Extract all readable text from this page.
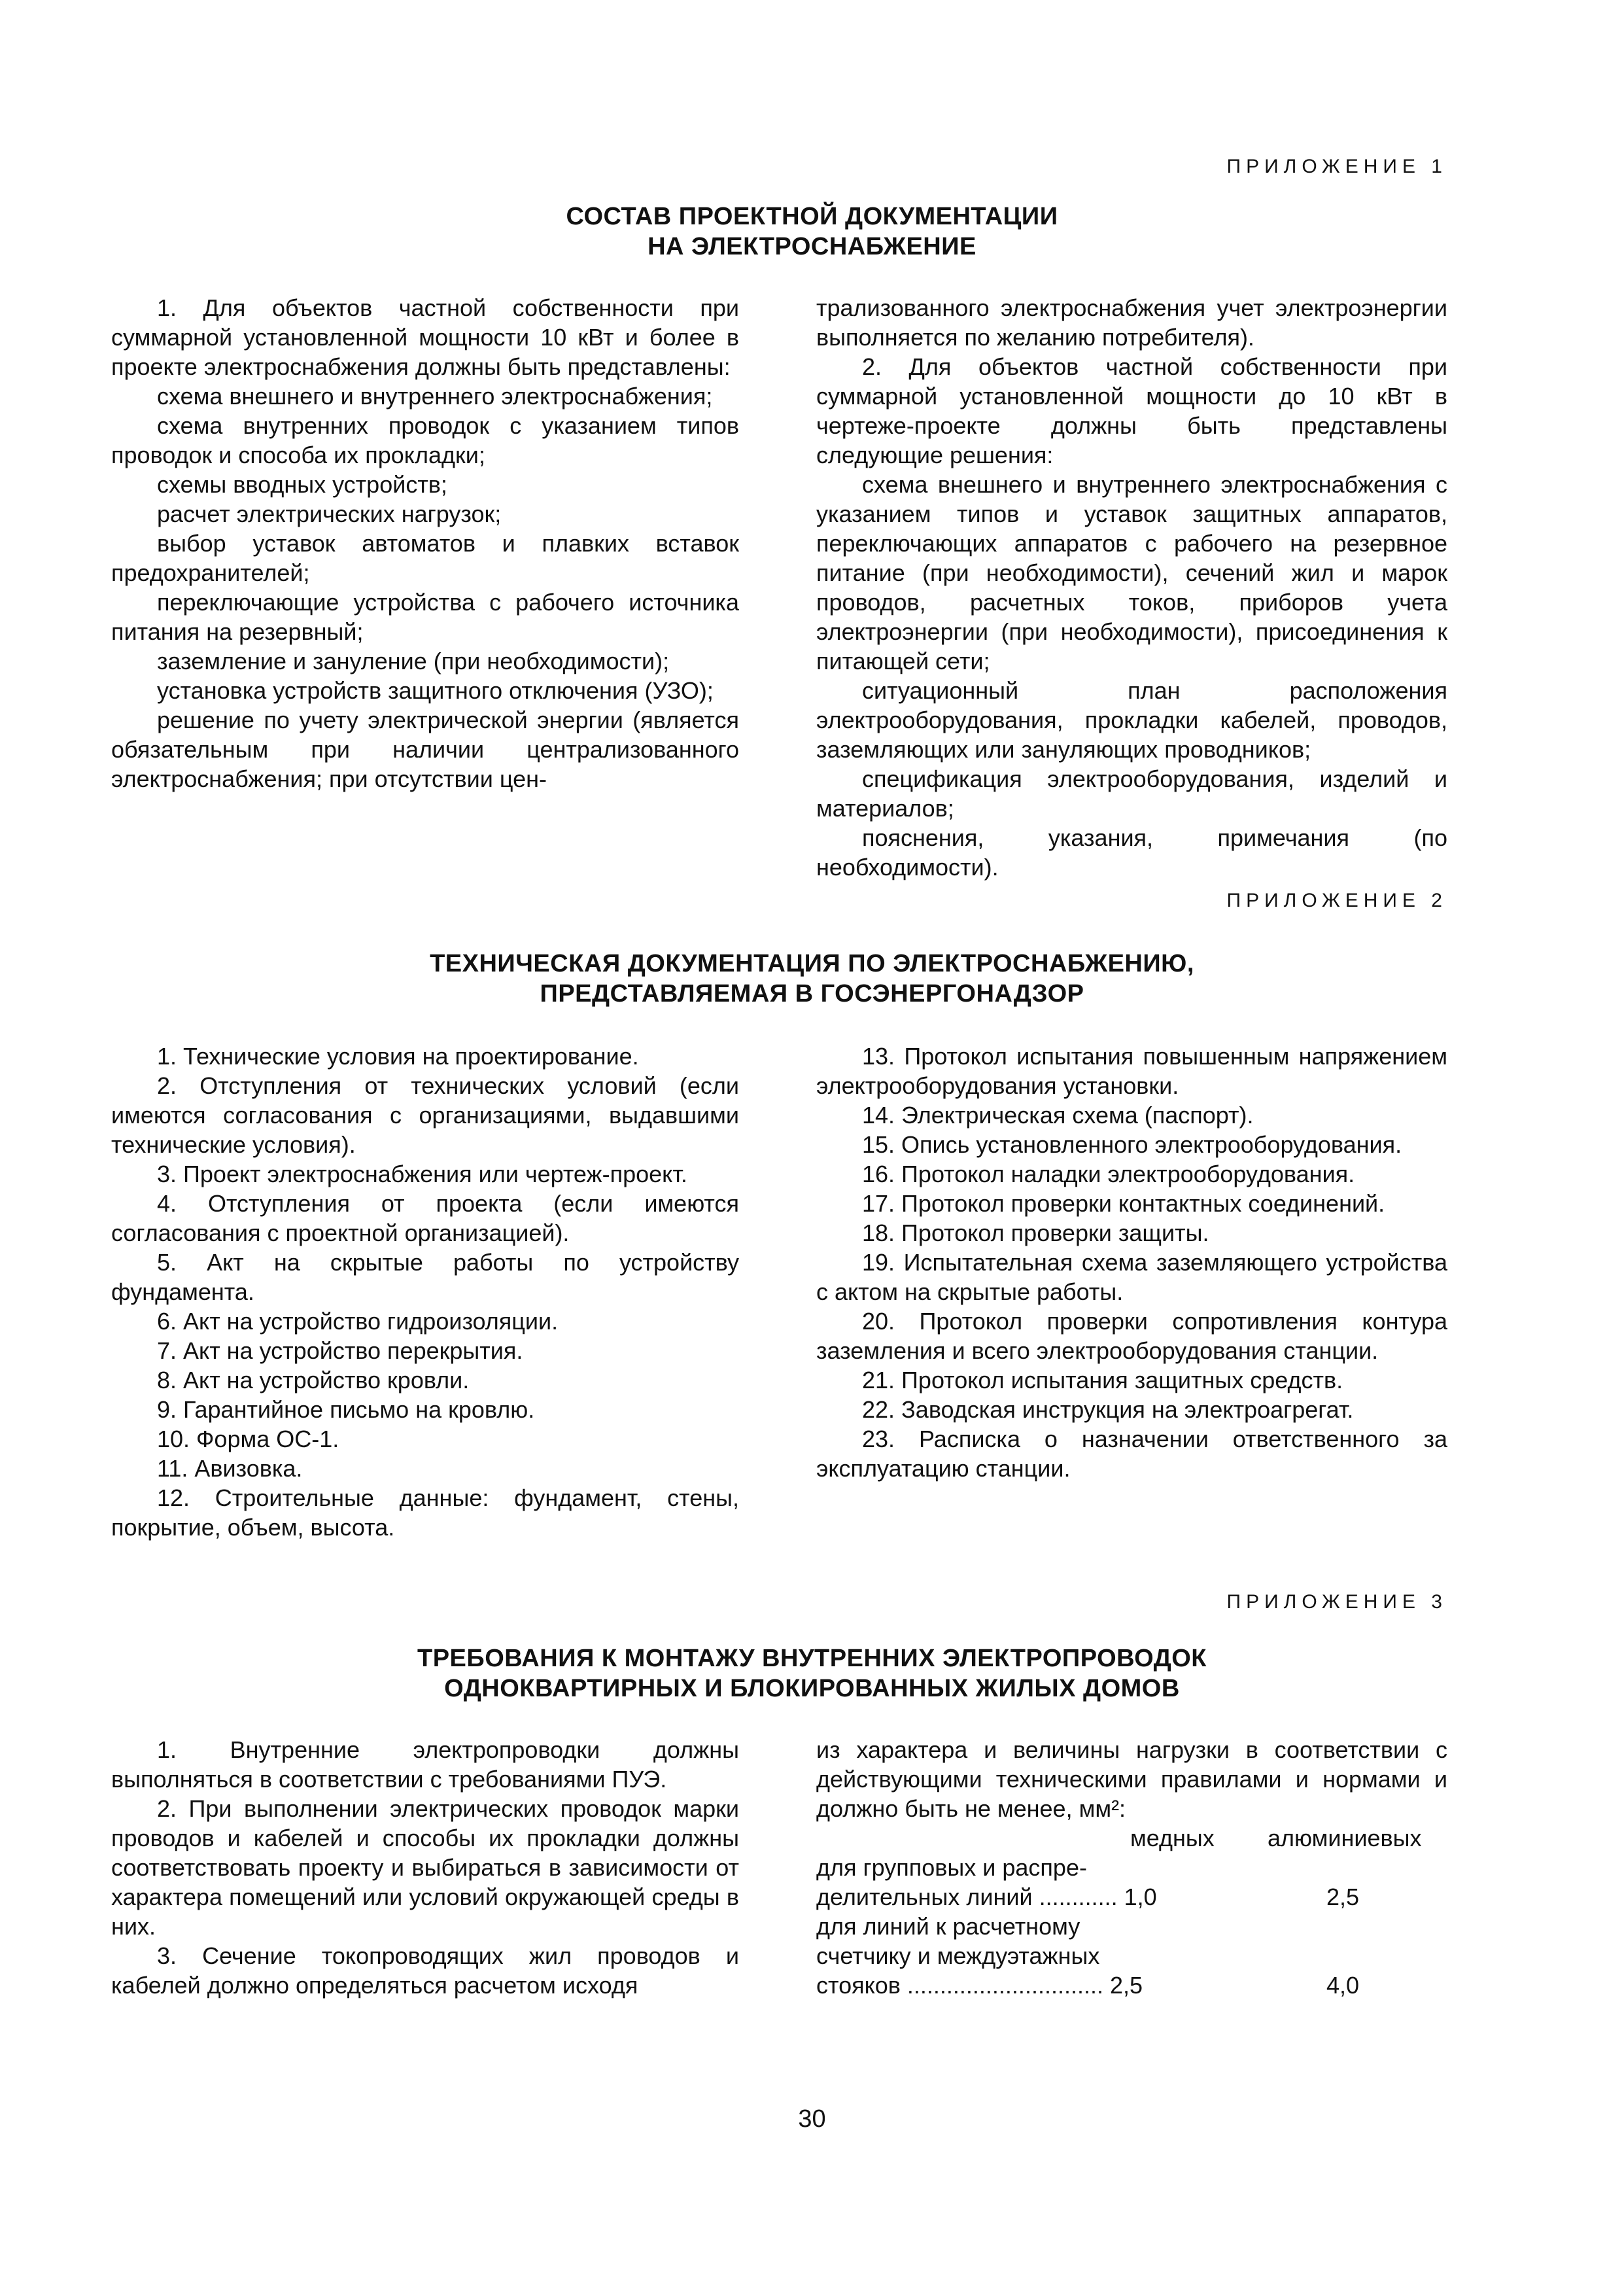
ПРИЛОЖЕНИЕ 1
СОСТАВ ПРОЕКТНОЙ ДОКУМЕНТАЦИИ
НА ЭЛЕКТРОСНАБЖЕНИЕ

1. Для объектов частной собственности при суммарной установленной мощности 10 кВт и более в проекте электроснабжения должны быть представлены:

схема внешнего и внутреннего электроснабжения;

схема внутренних проводок с указанием типов проводок и способа их прокладки;

схемы вводных устройств;

расчет электрических нагрузок;

выбор уставок автоматов и плавких вставок предохранителей;

переключающие устройства с рабочего источника питания на резервный;

заземление и зануление (при необходимости);

установка устройств защитного отключения (УЗО);

решение по учету электрической энергии (является обязательным при наличии централизованного электроснабжения; при отсутствии цен-

трализованного электроснабжения учет электроэнергии выполняется по желанию потребителя).

2. Для объектов частной собственности при суммарной установленной мощности до 10 кВт в чертеже-проекте должны быть представлены следующие решения:

схема внешнего и внутреннего электроснабжения с указанием типов и уставок защитных аппаратов, переключающих аппаратов с рабочего на резервное питание (при необходимости), сечений жил и марок проводов, расчетных токов, приборов учета электроэнергии (при необходимости), присоединения к питающей сети;

ситуационный план расположения электрооборудования, прокладки кабелей, проводов, заземляющих или зануляющих проводников;

спецификация электрооборудования, изделий и материалов;

пояснения, указания, примечания (по необходимости).

ПРИЛОЖЕНИЕ 2
ТЕХНИЧЕСКАЯ ДОКУМЕНТАЦИЯ ПО ЭЛЕКТРОСНАБЖЕНИЮ,
ПРЕДСТАВЛЯЕМАЯ В ГОСЭНЕРГОНАДЗОР

1. Технические условия на проектирование.

2. Отступления от технических условий (если имеются согласования с организациями, выдавшими технические условия).

3. Проект электроснабжения или чертеж-проект.

4. Отступления от проекта (если имеются согласования с проектной организацией).

5. Акт на скрытые работы по устройству фундамента.

6. Акт на устройство гидроизоляции.

7. Акт на устройство перекрытия.

8. Акт на устройство кровли.

9. Гарантийное письмо на кровлю.

10. Форма ОС-1.

11. Авизовка.

12. Строительные данные: фундамент, стены, покрытие, объем, высота.

13. Протокол испытания повышенным напряжением электрооборудования установки.

14. Электрическая схема (паспорт).

15. Опись установленного электрооборудования.

16. Протокол наладки электрооборудования.

17. Протокол проверки контактных соединений.

18. Протокол проверки защиты.

19. Испытательная схема заземляющего устройства с актом на скрытые работы.

20. Протокол проверки сопротивления контура заземления и всего электрооборудования станции.

21. Протокол испытания защитных средств.

22. Заводская инструкция на электроагрегат.

23. Расписка о назначении ответственного за эксплуатацию станции.

ПРИЛОЖЕНИЕ 3
ТРЕБОВАНИЯ К МОНТАЖУ ВНУТРЕННИХ ЭЛЕКТРОПРОВОДОК
ОДНОКВАРТИРНЫХ И БЛОКИРОВАННЫХ ЖИЛЫХ ДОМОВ

1. Внутренние электропроводки должны выполняться в соответствии с требованиями ПУЭ.

2. При выполнении электрических проводок марки проводов и кабелей и способы их прокладки должны соответствовать проекту и выбираться в зависимости от характера помещений или условий окружающей среды в них.

3. Сечение токопроводящих жил проводов и кабелей должно определяться расчетом исходя

из характера и величины нагрузки в соответствии с действующими техническими правилами и нормами и должно быть не менее, мм²:

медных алюминиевых
для групповых и распре-
делительных линий ............ 1,0	2,5
для линий к расчетному
счетчику и междуэтажных
стояков .............................. 2,5	4,0
30
